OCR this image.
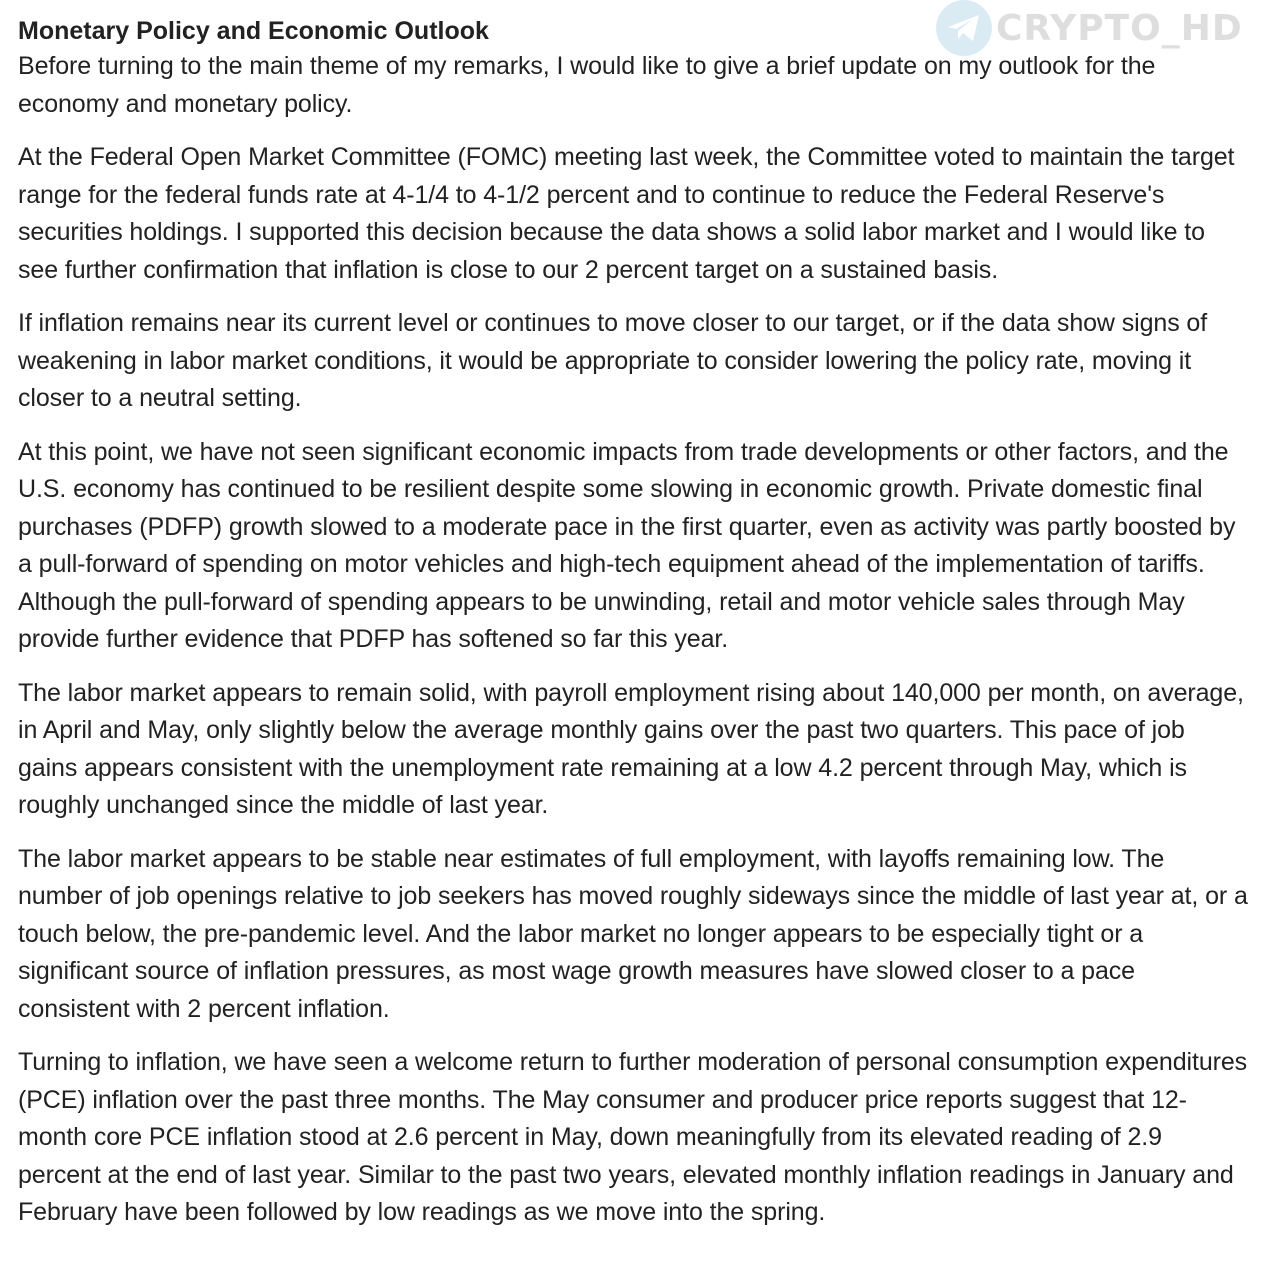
CRYPTO_HD
Monetary Policy and Economic Outlook

Before turning to the main theme of my remarks, I would like to give a brief update on my outlook for the economy and monetary policy.

At the Federal Open Market Committee (FOMC) meeting last week, the Committee voted to maintain the target range for the federal funds rate at 4-1/4 to 4-1/2 percent and to continue to reduce the Federal Reserve's securities holdings. I supported this decision because the data shows a solid labor market and I would like to see further confirmation that inflation is close to our 2 percent target on a sustained basis.

If inflation remains near its current level or continues to move closer to our target, or if the data show signs of weakening in labor market conditions, it would be appropriate to consider lowering the policy rate, moving it closer to a neutral setting.

At this point, we have not seen significant economic impacts from trade developments or other factors, and the U.S. economy has continued to be resilient despite some slowing in economic growth. Private domestic final purchases (PDFP) growth slowed to a moderate pace in the first quarter, even as activity was partly boosted by a pull-forward of spending on motor vehicles and high-tech equipment ahead of the implementation of tariffs. Although the pull-forward of spending appears to be unwinding, retail and motor vehicle sales through May provide further evidence that PDFP has softened so far this year.

The labor market appears to remain solid, with payroll employment rising about 140,000 per month, on average, in April and May, only slightly below the average monthly gains over the past two quarters. This pace of job gains appears consistent with the unemployment rate remaining at a low 4.2 percent through May, which is roughly unchanged since the middle of last year.

The labor market appears to be stable near estimates of full employment, with layoffs remaining low. The number of job openings relative to job seekers has moved roughly sideways since the middle of last year at, or a touch below, the pre-pandemic level. And the labor market no longer appears to be especially tight or a significant source of inflation pressures, as most wage growth measures have slowed closer to a pace consistent with 2 percent inflation.

Turning to inflation, we have seen a welcome return to further moderation of personal consumption expenditures (PCE) inflation over the past three months. The May consumer and producer price reports suggest that 12-month core PCE inflation stood at 2.6 percent in May, down meaningfully from its elevated reading of 2.9 percent at the end of last year. Similar to the past two years, elevated monthly inflation readings in January and February have been followed by low readings as we move into the spring.
